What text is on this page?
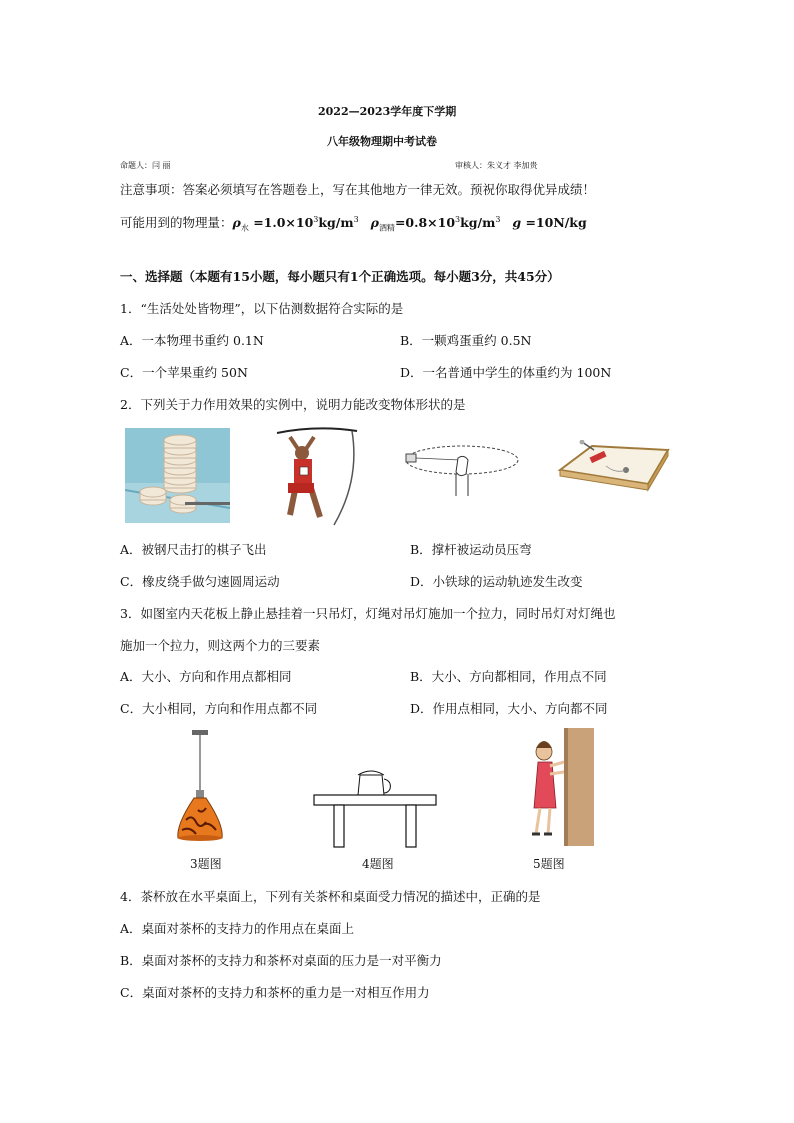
2022—2023学年度下学期
八年级物理期中考试卷
命题人：闫 丽	审核人：朱义才 李加贵
注意事项：答案必须填写在答题卷上，写在其他地方一律无效。预祝你取得优异成绩！
可能用到的物理量：$\rho_水 =1.0\times 10^3kg/m^3$ $\rho_{酒精}=0.8\times 10^3kg/m^3$ g =10N/kg
一、选择题（本题有15小题，每小题只有1个正确选项。每小题3分，共45分）
1．“生活处处皆物理”，以下估测数据符合实际的是
A．一本物理书重约 0.1N	B．一颗鸡蛋重约 0.5N
C．一个苹果重约 50N	D．一名普通中学生的体重约为 100N
2．下列关于力作用效果的实例中，说明力能改变物体形状的是
A．被钢尺击打的棋子飞出	B．撑杆被运动员压弯
C．橡皮绕手做匀速圆周运动	D．小铁球的运动轨迹发生改变
3．如图室内天花板上静止悬挂着一只吊灯，灯绳对吊灯施加一个拉力，同时吊灯对灯绳也
施加一个拉力，则这两个力的三要素
A．大小、方向和作用点都相同	B．大小、方向都相同，作用点不同
C．大小相同，方向和作用点都不同	D．作用点相同，大小、方向都不同
3题图	4题图	5题图
4．茶杯放在水平桌面上，下列有关茶杯和桌面受力情况的描述中，正确的是
A．桌面对茶杯的支持力的作用点在桌面上
B．桌面对茶杯的支持力和茶杯对桌面的压力是一对平衡力
C．桌面对茶杯的支持力和茶杯的重力是一对相互作用力
